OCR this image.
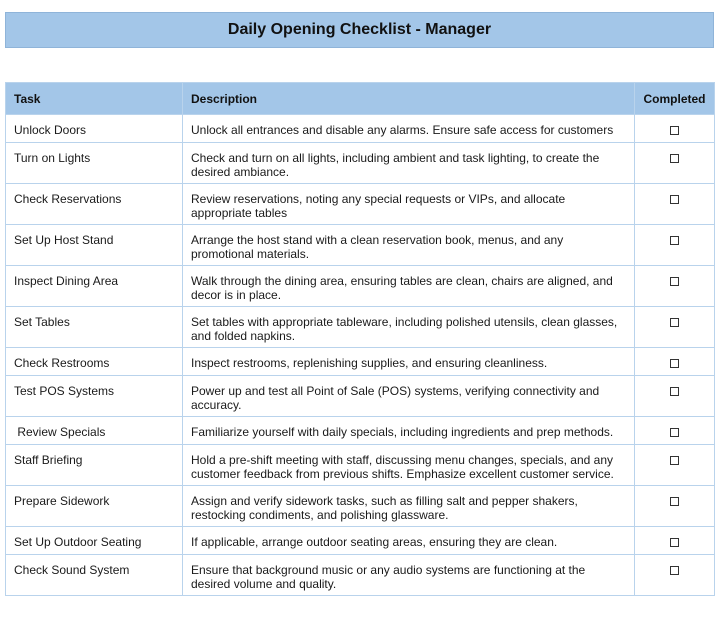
Daily Opening Checklist - Manager
Task	Description	Completed
Unlock Doors	Unlock all entrances and disable any alarms. Ensure safe access for customers	
Turn on Lights	Check and turn on all lights, including ambient and task lighting, to create the desired ambiance.	
Check Reservations	Review reservations, noting any special requests or VIPs, and allocate appropriate tables	
Set Up Host Stand	Arrange the host stand with a clean reservation book, menus, and any promotional materials.	
Inspect Dining Area	Walk through the dining area, ensuring tables are clean, chairs are aligned, and decor is in place.	
Set Tables	Set tables with appropriate tableware, including polished utensils, clean glasses, and folded napkins.	
Check Restrooms	Inspect restrooms, replenishing supplies, and ensuring cleanliness.	
Test POS Systems	Power up and test all Point of Sale (POS) systems, verifying connectivity and accuracy.	
Review Specials	Familiarize yourself with daily specials, including ingredients and prep methods.	
Staff Briefing	Hold a pre-shift meeting with staff, discussing menu changes, specials, and any customer feedback from previous shifts. Emphasize excellent customer service.	
Prepare Sidework	Assign and verify sidework tasks, such as filling salt and pepper shakers, restocking condiments, and polishing glassware.	
Set Up Outdoor Seating	If applicable, arrange outdoor seating areas, ensuring they are clean.	
Check Sound System	Ensure that background music or any audio systems are functioning at the desired volume and quality.	
